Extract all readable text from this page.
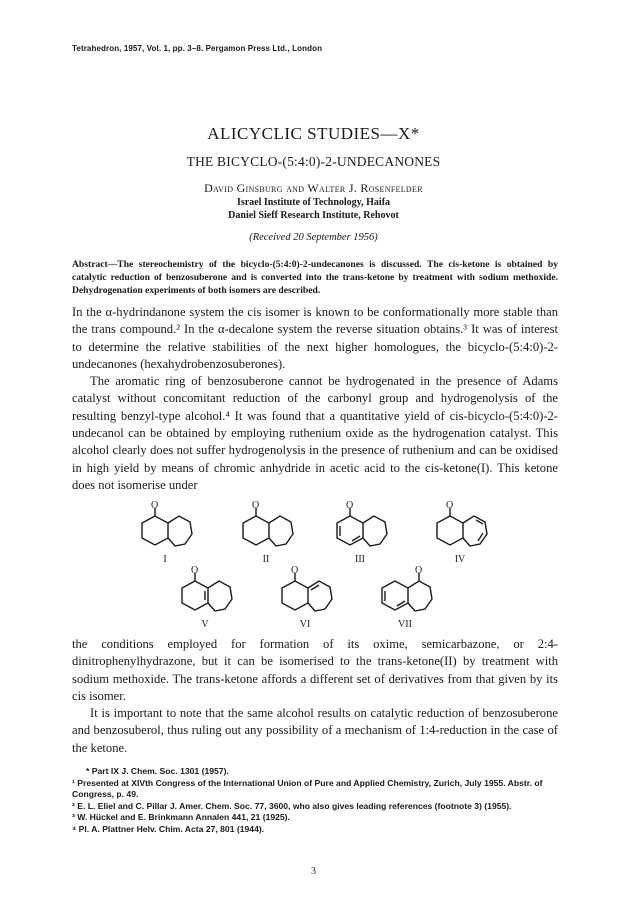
Tetrahedron, 1957, Vol. 1, pp. 3–8. Pergamon Press Ltd., London
ALICYCLIC STUDIES—X*
THE BICYCLO-(5:4:0)-2-UNDECANONES
David Ginsburg and Walter J. Rosenfelder
Israel Institute of Technology, Haifa
Daniel Sieff Research Institute, Rehovot
(Received 20 September 1956)
Abstract—The stereochemistry of the bicyclo-(5:4:0)-2-undecanones is discussed. The cis-ketone is obtained by catalytic reduction of benzosuberone and is converted into the trans-ketone by treatment with sodium methoxide. Dehydrogenation experiments of both isomers are described.

In the α-hydrindanone system the cis isomer is known to be conformationally more stable than the trans compound.² In the α-decalone system the reverse situation obtains.³ It was of interest to determine the relative stabilities of the next higher homologues, the bicyclo-(5:4:0)-2-undecanones (hexahydrobenzosuberones).

The aromatic ring of benzosuberone cannot be hydrogenated in the presence of Adams catalyst without concomitant reduction of the carbonyl group and hydrogenolysis of the resulting benzyl-type alcohol.⁴ It was found that a quantitative yield of cis-bicyclo-(5:4:0)-2-undecanol can be obtained by employing ruthenium oxide as the hydrogenation catalyst. This alcohol clearly does not suffer hydrogenolysis in the presence of ruthenium and can be oxidised in high yield by means of chromic anhydride in acetic acid to the cis-ketone(I). This ketone does not isomerise under

O	O	O	O
O	O	O
I	II	III	IV
V	VI	VII

the conditions employed for formation of its oxime, semicarbazone, or 2:4-dinitrophenylhydrazone, but it can be isomerised to the trans-ketone(II) by treatment with sodium methoxide. The trans-ketone affords a different set of derivatives from that given by its cis isomer.

It is important to note that the same alcohol results on catalytic reduction of benzosuberone and benzosuberol, thus ruling out any possibility of a mechanism of 1:4-reduction in the case of the ketone.

* Part IX J. Chem. Soc. 1301 (1957).
¹ Presented at XIVth Congress of the International Union of Pure and Applied Chemistry, Zurich, July 1955. Abstr. of Congress, p. 49.
² E. L. Eliel and C. Pillar J. Amer. Chem. Soc. 77, 3600, who also gives leading references (footnote 3) (1955).
³ W. Hückel and E. Brinkmann Annalen 441, 21 (1925).
⁴ Pl. A. Plattner Helv. Chim. Acta 27, 801 (1944).
3
